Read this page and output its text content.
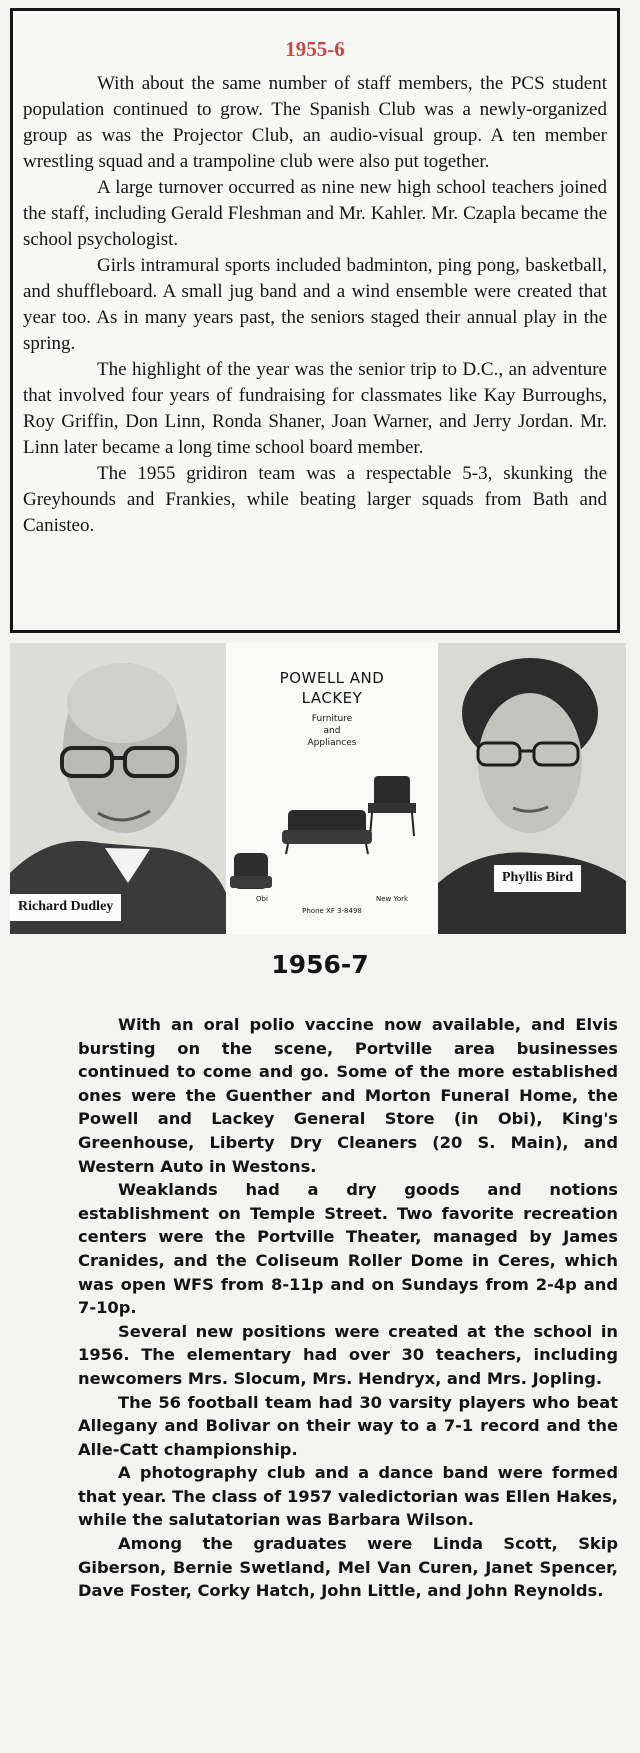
1955-6

With about the same number of staff members, the PCS student population continued to grow. The Spanish Club was a newly-organized group as was the Projector Club, an audio-visual group. A ten member wrestling squad and a trampoline club were also put together.

A large turnover occurred as nine new high school teachers joined the staff, including Gerald Fleshman and Mr. Kahler. Mr. Czapla became the school psychologist.

Girls intramural sports included badminton, ping pong, basketball, and shuffleboard. A small jug band and a wind ensemble were created that year too. As in many years past, the seniors staged their annual play in the spring.

The highlight of the year was the senior trip to D.C., an adventure that involved four years of fundraising for classmates like Kay Burroughs, Roy Griffin, Don Linn, Ronda Shaner, Joan Warner, and Jerry Jordan. Mr. Linn later became a long time school board member.

The 1955 gridiron team was a respectable 5-3, skunking the Greyhounds and Frankies, while beating larger squads from Bath and Canisteo.

Richard Dudley
POWELL AND
LACKEY
Furniture
and
Appliances
Obi	New York
Phone XF 3-8498
Phyllis Bird
1956-7

With an oral polio vaccine now available, and Elvis bursting on the scene, Portville area businesses continued to come and go. Some of the more established ones were the Guenther and Morton Funeral Home, the Powell and Lackey General Store (in Obi), King's Greenhouse, Liberty Dry Cleaners (20 S. Main), and Western Auto in Westons.

Weaklands had a dry goods and notions establishment on Temple Street. Two favorite recreation centers were the Portville Theater, managed by James Cranides, and the Coliseum Roller Dome in Ceres, which was open WFS from 8-11p and on Sundays from 2-4p and 7-10p.

Several new positions were created at the school in 1956. The elementary had over 30 teachers, including newcomers Mrs. Slocum, Mrs. Hendryx, and Mrs. Jopling.

The 56 football team had 30 varsity players who beat Allegany and Bolivar on their way to a 7-1 record and the Alle-Catt championship.

A photography club and a dance band were formed that year. The class of 1957 valedictorian was Ellen Hakes, while the salutatorian was Barbara Wilson.

Among the graduates were Linda Scott, Skip Giberson, Bernie Swetland, Mel Van Curen, Janet Spencer, Dave Foster, Corky Hatch, John Little, and John Reynolds.
